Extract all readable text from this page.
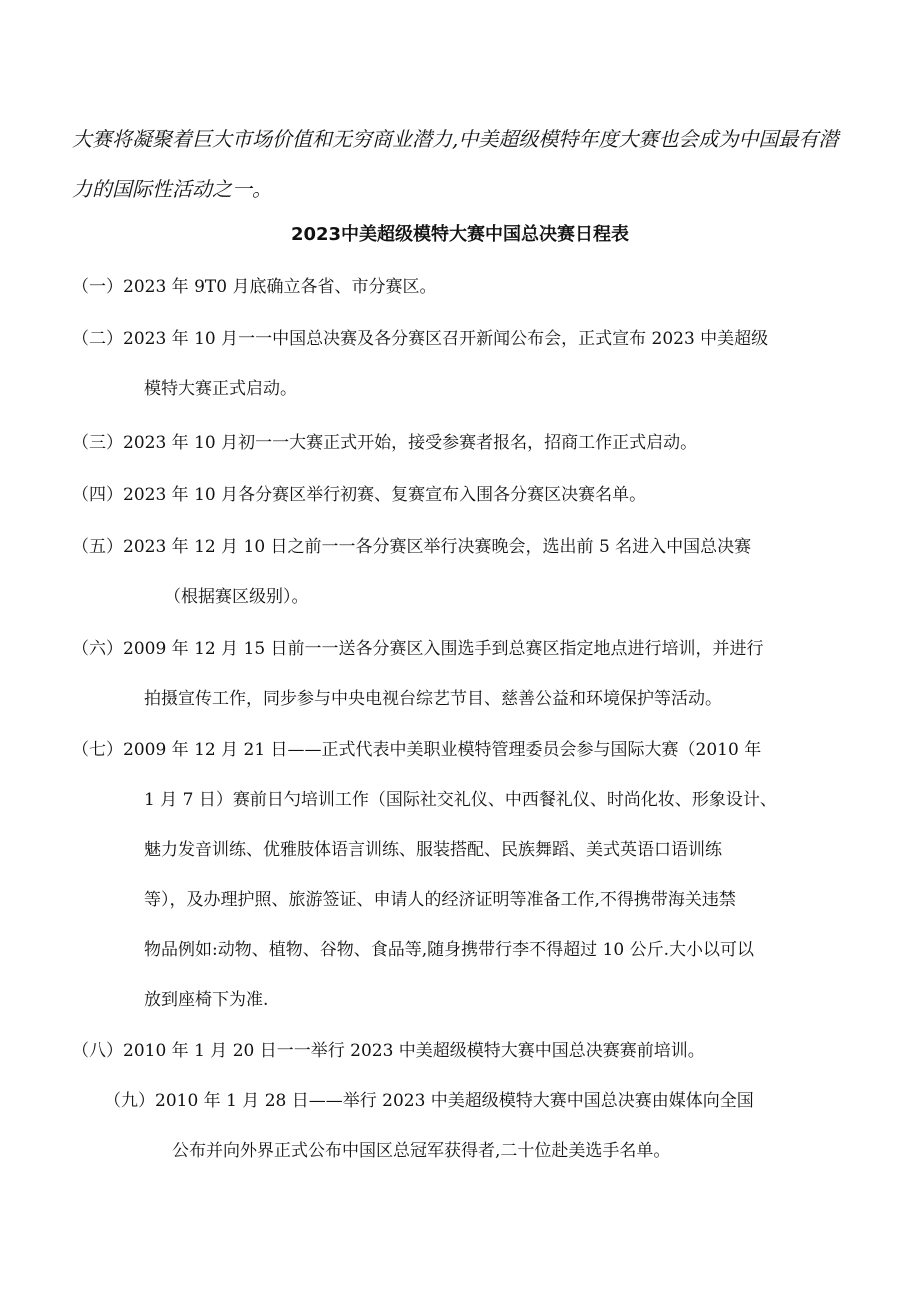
大赛将凝聚着巨大市场价值和无穷商业潜力,中美超级模特年度大赛也会成为中国最有潜
力的国际性活动之一。

2023中美超级模特大赛中国总决赛日程表

（一）2023 年 9T0 月底确立各省、市分赛区。

（二）2023 年 10 月一一中国总决赛及各分赛区召开新闻公布会，正式宣布 2023 中美超级
模特大赛正式启动。

（三）2023 年 10 月初一一大赛正式开始，接受参赛者报名，招商工作正式启动。

（四）2023 年 10 月各分赛区举行初赛、复赛宣布入围各分赛区决赛名单。

（五）2023 年 12 月 10 日之前一一各分赛区举行决赛晚会，选出前 5 名进入中国总决赛
（根据赛区级别）。

（六）2009 年 12 月 15 日前一一送各分赛区入围选手到总赛区指定地点进行培训，并进行
拍摄宣传工作，同步参与中央电视台综艺节目、慈善公益和环境保护等活动。

（七）2009 年 12 月 21 日——正式代表中美职业模特管理委员会参与国际大赛（2010 年
1 月 7 日）赛前日勺培训工作（国际社交礼仪、中西餐礼仪、时尚化妆、形象设计、
魅力发音训练、优雅肢体语言训练、服装搭配、民族舞蹈、美式英语口语训练
等），及办理护照、旅游签证、申请人的经济证明等准备工作,不得携带海关违禁
物品例如:动物、植物、谷物、食品等,随身携带行李不得超过 10 公斤.大小以可以
放到座椅下为准.

（八）2010 年 1 月 20 日一一举行 2023 中美超级模特大赛中国总决赛赛前培训。

（九）2010 年 1 月 28 日——举行 2023 中美超级模特大赛中国总决赛由媒体向全国
公布并向外界正式公布中国区总冠军获得者,二十位赴美选手名单。
